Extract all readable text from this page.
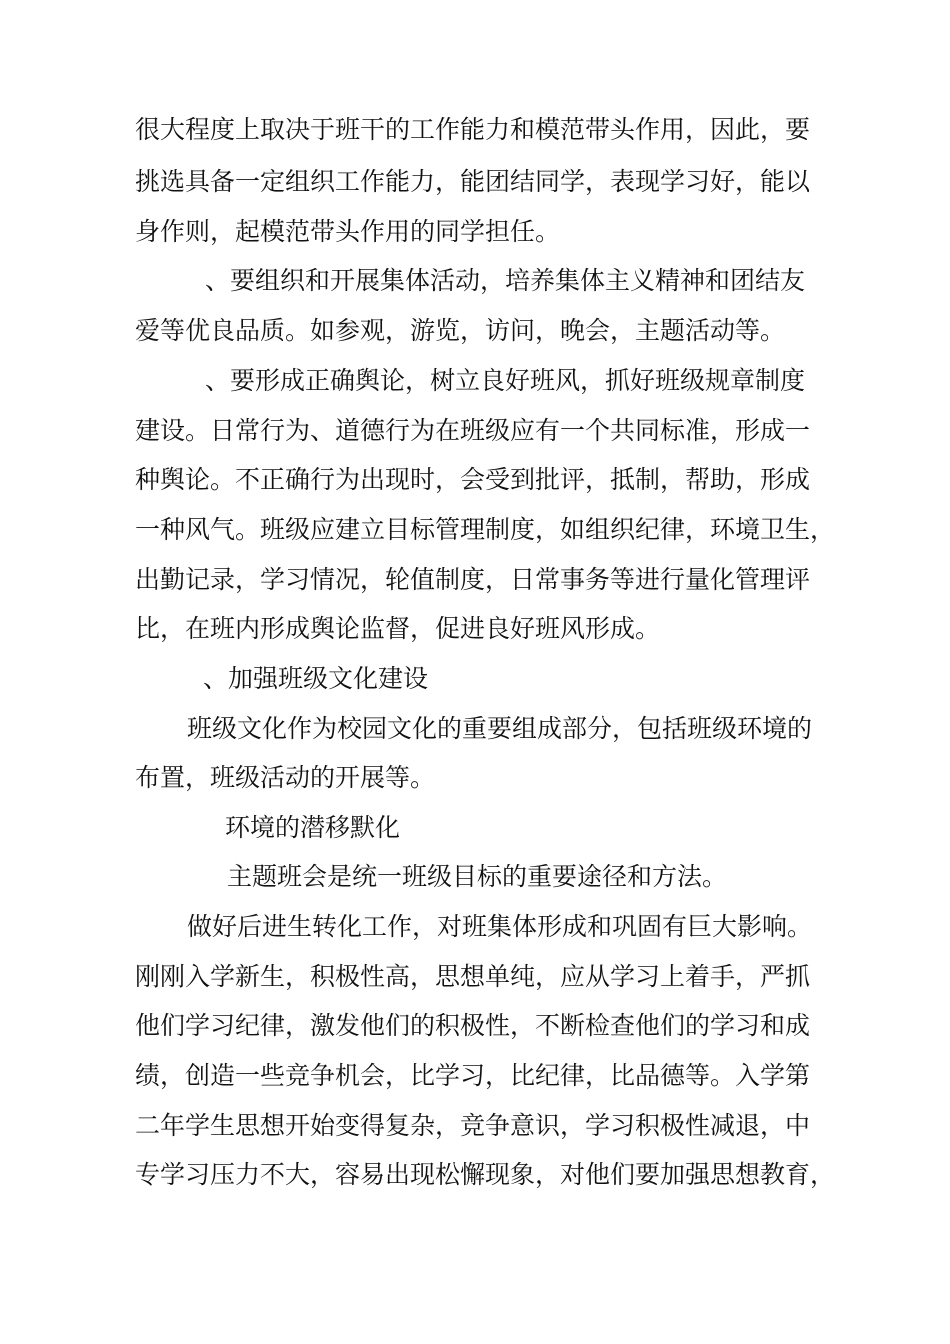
很大程度上取决于班干的工作能力和模范带头作用，因此，要
挑选具备一定组织工作能力，能团结同学，表现学习好，能以
身作则，起模范带头作用的同学担任。
、要组织和开展集体活动，培养集体主义精神和团结友
爱等优良品质。如参观，游览，访问，晚会，主题活动等。
、要形成正确舆论，树立良好班风，抓好班级规章制度
建设。日常行为、道德行为在班级应有一个共同标准，形成一
种舆论。不正确行为出现时，会受到批评，抵制，帮助，形成
一种风气。班级应建立目标管理制度，如组织纪律，环境卫生，
出勤记录，学习情况，轮值制度，日常事务等进行量化管理评
比，在班内形成舆论监督，促进良好班风形成。
、加强班级文化建设
班级文化作为校园文化的重要组成部分，包括班级环境的
布置，班级活动的开展等。
环境的潜移默化
主题班会是统一班级目标的重要途径和方法。
做好后进生转化工作，对班集体形成和巩固有巨大影响。
刚刚入学新生，积极性高，思想单纯，应从学习上着手，严抓
他们学习纪律，激发他们的积极性，不断检查他们的学习和成
绩，创造一些竞争机会，比学习，比纪律，比品德等。入学第
二年学生思想开始变得复杂，竞争意识，学习积极性减退，中
专学习压力不大，容易出现松懈现象，对他们要加强思想教育，
